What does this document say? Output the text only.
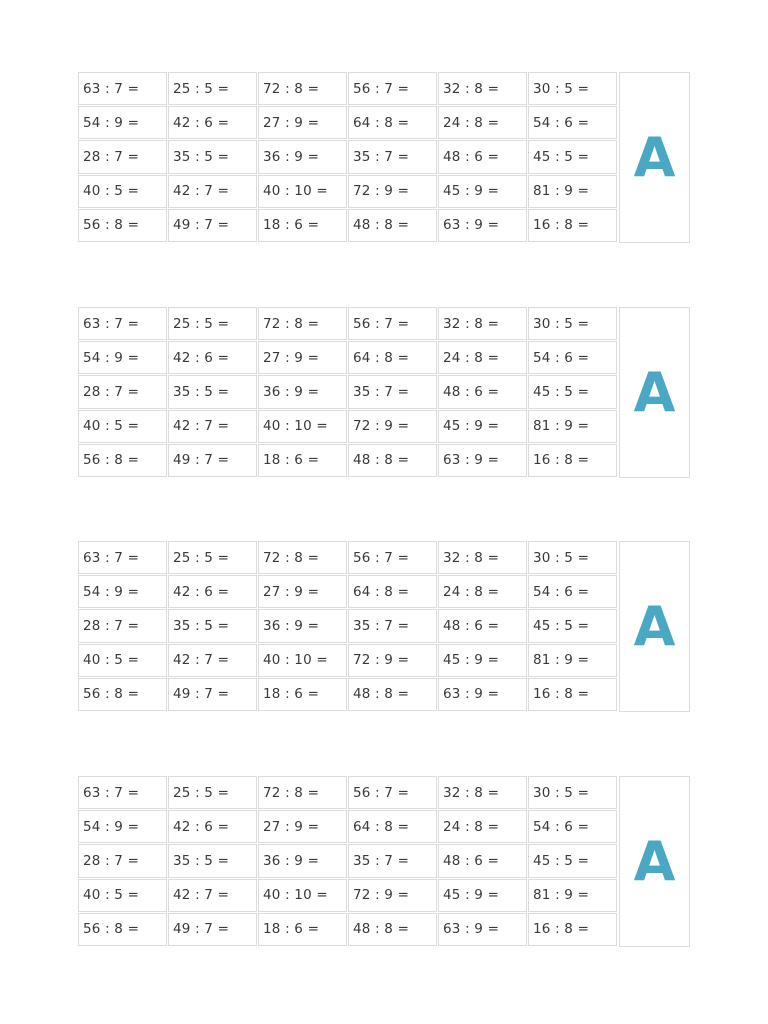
63 : 7 =	25 : 5 =	72 : 8 =	56 : 7 =	32 : 8 =	30 : 5 =
54 : 9 =	42 : 6 =	27 : 9 =	64 : 8 =	24 : 8 =	54 : 6 =
28 : 7 =	35 : 5 =	36 : 9 =	35 : 7 =	48 : 6 =	45 : 5 =
40 : 5 =	42 : 7 =	40 : 10 =	72 : 9 =	45 : 9 =	81 : 9 =
56 : 8 =	49 : 7 =	18 : 6 =	48 : 8 =	63 : 9 =	16 : 8 =
A
63 : 7 =	25 : 5 =	72 : 8 =	56 : 7 =	32 : 8 =	30 : 5 =
54 : 9 =	42 : 6 =	27 : 9 =	64 : 8 =	24 : 8 =	54 : 6 =
28 : 7 =	35 : 5 =	36 : 9 =	35 : 7 =	48 : 6 =	45 : 5 =
40 : 5 =	42 : 7 =	40 : 10 =	72 : 9 =	45 : 9 =	81 : 9 =
56 : 8 =	49 : 7 =	18 : 6 =	48 : 8 =	63 : 9 =	16 : 8 =
A
63 : 7 =	25 : 5 =	72 : 8 =	56 : 7 =	32 : 8 =	30 : 5 =
54 : 9 =	42 : 6 =	27 : 9 =	64 : 8 =	24 : 8 =	54 : 6 =
28 : 7 =	35 : 5 =	36 : 9 =	35 : 7 =	48 : 6 =	45 : 5 =
40 : 5 =	42 : 7 =	40 : 10 =	72 : 9 =	45 : 9 =	81 : 9 =
56 : 8 =	49 : 7 =	18 : 6 =	48 : 8 =	63 : 9 =	16 : 8 =
A
63 : 7 =	25 : 5 =	72 : 8 =	56 : 7 =	32 : 8 =	30 : 5 =
54 : 9 =	42 : 6 =	27 : 9 =	64 : 8 =	24 : 8 =	54 : 6 =
28 : 7 =	35 : 5 =	36 : 9 =	35 : 7 =	48 : 6 =	45 : 5 =
40 : 5 =	42 : 7 =	40 : 10 =	72 : 9 =	45 : 9 =	81 : 9 =
56 : 8 =	49 : 7 =	18 : 6 =	48 : 8 =	63 : 9 =	16 : 8 =
A
